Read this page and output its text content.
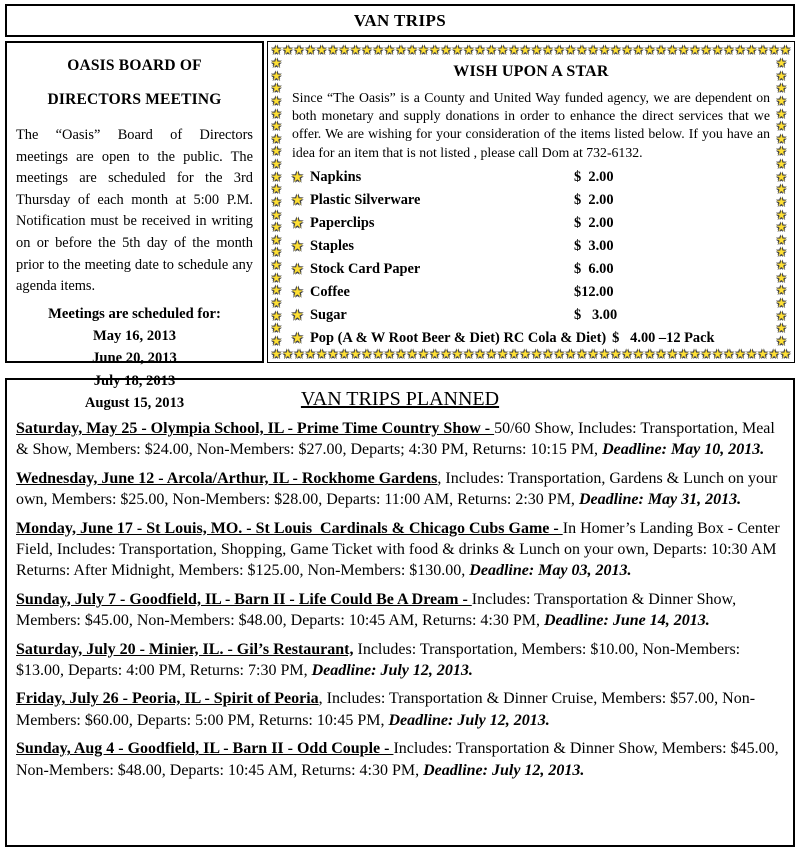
VAN TRIPS
OASIS BOARD OF
DIRECTORS MEETING
The “Oasis” Board of Directors meetings are open to the public. The meetings are scheduled for the 3rd Thursday of each month at 5:00 P.M. Notification must be received in writing on or before the 5th day of the month prior to the meeting date to schedule any agenda items.
Meetings are scheduled for:
May 16, 2013
June 20, 2013
July 18, 2013
August 15, 2013
★ ★ ★ ★ ★ ★ ★ ★ ★ ★ ★ ★ ★ ★ ★ ★ ★ ★ ★ ★ ★ ★ ★ ★ ★ ★ ★ ★ ★ ★ ★ ★ ★ ★ ★ ★ ★ ★ ★ ★ ★ ★ ★ ★ ★ ★
★
★
★
★
★
★
★
★
★
★
★
★
★
★
★
★
★
★
★
★
★
★
★
WISH UPON A STAR
Since “The Oasis” is a County and United Way funded agency, we are dependent on both monetary and supply donations in order to enhance the direct services that we offer. We are wishing for your consideration of the items listed below. If you have an idea for an item that is not listed , please call Dom at 732-6132.
★ Napkins	$  2.00
★ Plastic Silverware	$  2.00
★ Paperclips	$  2.00
★ Staples	$  3.00
★ Stock Card Paper	$  6.00
★ Coffee	$12.00
★ Sugar	$   3.00
★ Pop (A & W Root Beer & Diet) RC Cola & Diet) $   4.00 –12 Pack
★
★
★
★
★
★
★
★
★
★
★
★
★
★
★
★
★
★
★
★
★
★
★
★ ★ ★ ★ ★ ★ ★ ★ ★ ★ ★ ★ ★ ★ ★ ★ ★ ★ ★ ★ ★ ★ ★ ★ ★ ★ ★ ★ ★ ★ ★ ★ ★ ★ ★ ★ ★ ★ ★ ★ ★ ★ ★ ★ ★ ★
VAN TRIPS PLANNED

Saturday, May 25 - Olympia School, IL - Prime Time Country Show - 50/60 Show, Includes: Transportation, Meal & Show, Members: $24.00, Non-Members: $27.00, Departs; 4:30 PM, Returns: 10:15 PM, Deadline: May 10, 2013.

Wednesday, June 12 - Arcola/Arthur, IL - Rockhome Gardens, Includes: Transportation, Gardens & Lunch on your  own, Members: $25.00, Non-Members: $28.00, Departs: 11:00 AM, Returns: 2:30 PM, Deadline: May 31, 2013.

Monday, June 17 - St Louis, MO. - St Louis  Cardinals & Chicago Cubs Game - In Homer’s Landing Box - Center Field, Includes: Transportation, Shopping, Game Ticket with food & drinks & Lunch on your own, Departs: 10:30 AM Returns: After Midnight, Members: $125.00, Non-Members: $130.00, Deadline: May 03, 2013.

Sunday, July 7 - Goodfield, IL - Barn II - Life Could Be A Dream - Includes: Transportation & Dinner Show, Members: $45.00, Non-Members: $48.00, Departs: 10:45 AM, Returns: 4:30 PM, Deadline: June 14, 2013.

Saturday, July 20 - Minier, IL. - Gil’s Restaurant, Includes: Transportation, Members: $10.00, Non-Members: $13.00, Departs: 4:00 PM, Returns: 7:30 PM, Deadline: July 12, 2013.

Friday, July 26 - Peoria, IL - Spirit of Peoria, Includes: Transportation & Dinner Cruise, Members: $57.00, Non-Members: $60.00, Departs: 5:00 PM, Returns: 10:45 PM, Deadline: July 12, 2013.

Sunday, Aug 4 - Goodfield, IL - Barn II - Odd Couple - Includes: Transportation & Dinner Show, Members: $45.00, Non-Members: $48.00, Departs: 10:45 AM, Returns: 4:30 PM, Deadline: July 12, 2013.
